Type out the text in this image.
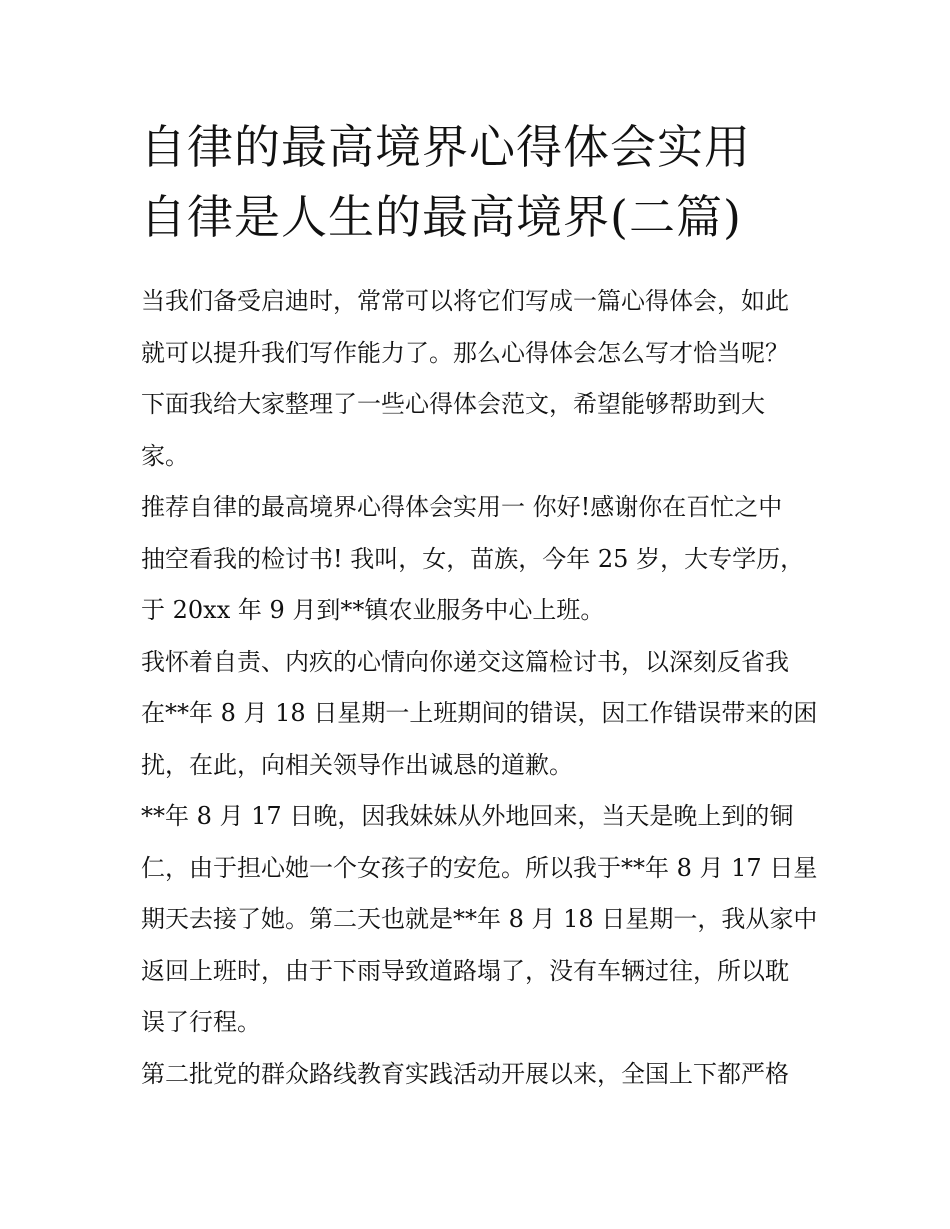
自律的最高境界心得体会实用
自律是人生的最高境界(二篇)

当我们备受启迪时，常常可以将它们写成一篇心得体会，如此
就可以提升我们写作能力了。那么心得体会怎么写才恰当呢？
下面我给大家整理了一些心得体会范文，希望能够帮助到大
家。

推荐自律的最高境界心得体会实用一 你好!感谢你在百忙之中
抽空看我的检讨书! 我叫，女，苗族，今年 25 岁，大专学历，
于 20xx 年 9 月到**镇农业服务中心上班。

我怀着自责、内疚的心情向你递交这篇检讨书，以深刻反省我
在**年 8 月 18 日星期一上班期间的错误，因工作错误带来的困
扰，在此，向相关领导作出诚恳的道歉。

**年 8 月 17 日晚，因我妹妹从外地回来，当天是晚上到的铜
仁，由于担心她一个女孩子的安危。所以我于**年 8 月 17 日星
期天去接了她。第二天也就是**年 8 月 18 日星期一，我从家中
返回上班时，由于下雨导致道路塌了，没有车辆过往，所以耽
误了行程。

第二批党的群众路线教育实践活动开展以来，全国上下都严格
